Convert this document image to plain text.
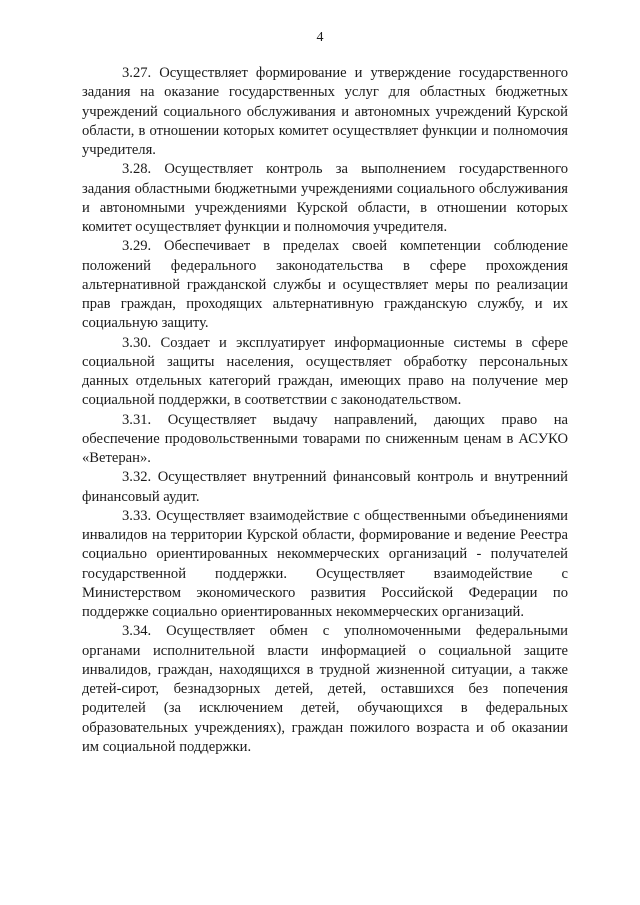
4

3.27. Осуществляет формирование и утверждение государственного задания на оказание государственных услуг для областных бюджетных учреждений социального обслуживания и автономных учреждений Курской области, в отношении которых комитет осуществляет функции и полномочия учредителя.

3.28. Осуществляет контроль за выполнением государственного задания областными бюджетными учреждениями социального обслуживания и автономными учреждениями Курской области, в отношении которых комитет осуществляет функции и полномочия учредителя.

3.29. Обеспечивает в пределах своей компетенции соблюдение положений федерального законодательства в сфере прохождения альтернативной гражданской службы и осуществляет меры по реализации прав граждан, проходящих альтернативную гражданскую службу, и их социальную защиту.

3.30. Создает и эксплуатирует информационные системы в сфере социальной защиты населения, осуществляет обработку персональных данных отдельных категорий граждан, имеющих право на получение мер социальной поддержки, в соответствии с законодательством.

3.31. Осуществляет выдачу направлений, дающих право на обеспечение продовольственными товарами по сниженным ценам в АСУКО «Ветеран».

3.32. Осуществляет внутренний финансовый контроль и внутренний финансовый аудит.

3.33. Осуществляет взаимодействие с общественными объединениями инвалидов на территории Курской области, формирование и ведение Реестра социально ориентированных некоммерческих организаций - получателей государственной поддержки. Осуществляет взаимодействие с Министерством экономического развития Российской Федерации по поддержке социально ориентированных некоммерческих организаций.

3.34. Осуществляет обмен с уполномоченными федеральными органами исполнительной власти информацией о социальной защите инвалидов, граждан, находящихся в трудной жизненной ситуации, а также детей-сирот, безнадзорных детей, детей, оставшихся без попечения родителей (за исключением детей, обучающихся в федеральных образовательных учреждениях), граждан пожилого возраста и об оказании им социальной поддержки.
